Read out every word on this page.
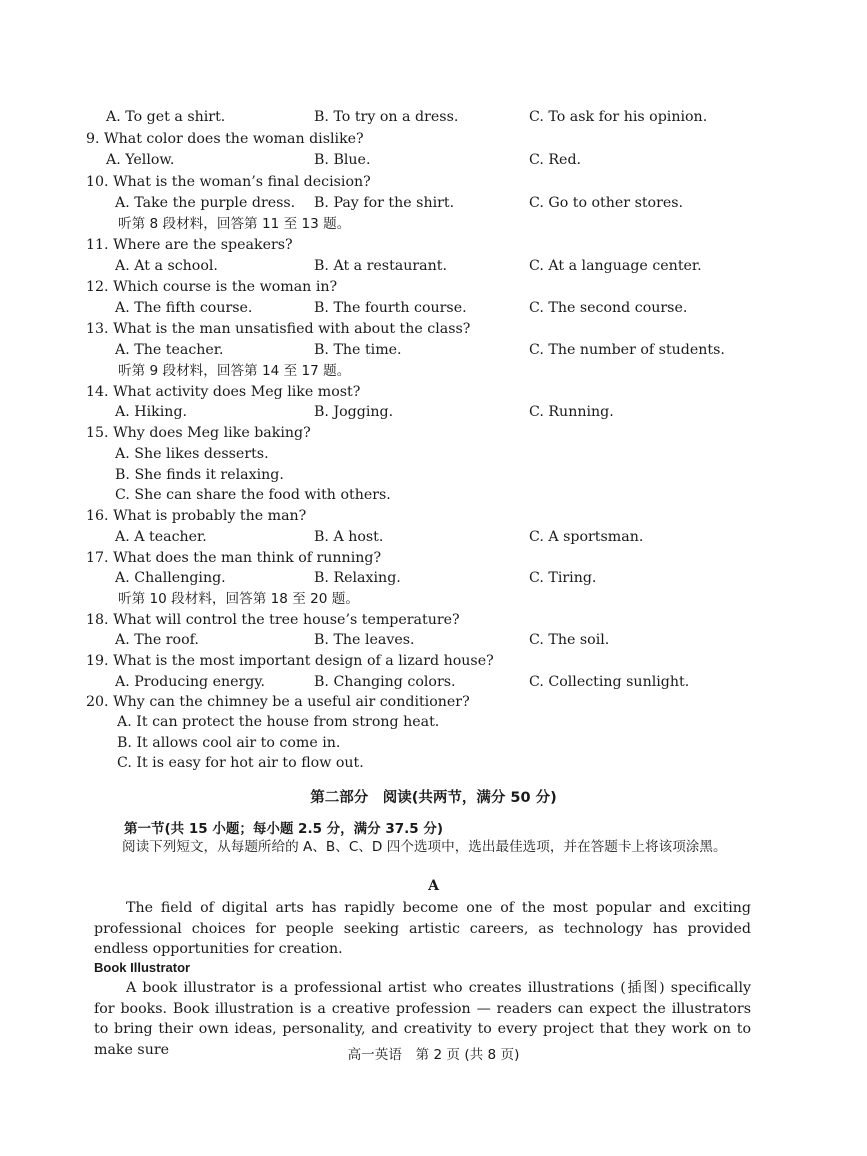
A. To get a shirt.	B. To try on a dress.	C. To ask for his opinion.
9. What color does the woman dislike?
A. Yellow.	B. Blue.	C. Red.
10. What is the woman’s final decision?
A. Take the purple dress. B. Pay for the shirt.	C. Go to other stores.
听第 8 段材料，回答第 11 至 13 题。
11. Where are the speakers?
A. At a school.	B. At a restaurant.	C. At a language center.
12. Which course is the woman in?
A. The fifth course.	B. The fourth course.	C. The second course.
13. What is the man unsatisfied with about the class?
A. The teacher.	B. The time.	C. The number of students.
听第 9 段材料，回答第 14 至 17 题。
14. What activity does Meg like most?
A. Hiking.	B. Jogging.	C. Running.
15. Why does Meg like baking?
A. She likes desserts.
B. She finds it relaxing.
C. She can share the food with others.
16. What is probably the man?
A. A teacher.	B. A host.	C. A sportsman.
17. What does the man think of running?
A. Challenging.	B. Relaxing.	C. Tiring.
听第 10 段材料，回答第 18 至 20 题。
18. What will control the tree house’s temperature?
A. The roof.	B. The leaves.	C. The soil.
19. What is the most important design of a lizard house?
A. Producing energy.	B. Changing colors.	C. Collecting sunlight.
20. Why can the chimney be a useful air conditioner?
A. It can protect the house from strong heat.
B. It allows cool air to come in.
C. It is easy for hot air to flow out.
第二部分　阅读(共两节，满分 50 分)
第一节(共 15 小题；每小题 2.5 分，满分 37.5 分)
阅读下列短文，从每题所给的 A、B、C、D 四个选项中，选出最佳选项，并在答题卡上将该项涂黑。
A
The field of digital arts has rapidly become one of the most popular and exciting professional choices for people seeking artistic careers, as technology has provided endless opportunities for creation.
Book Illustrator
A book illustrator is a professional artist who creates illustrations (插图) specifically for books. Book illustration is a creative profession — readers can expect the illustrators to bring their own ideas, personality, and creativity to every project that they work on to make sure	高一英语　第 2 页 (共 8 页)
